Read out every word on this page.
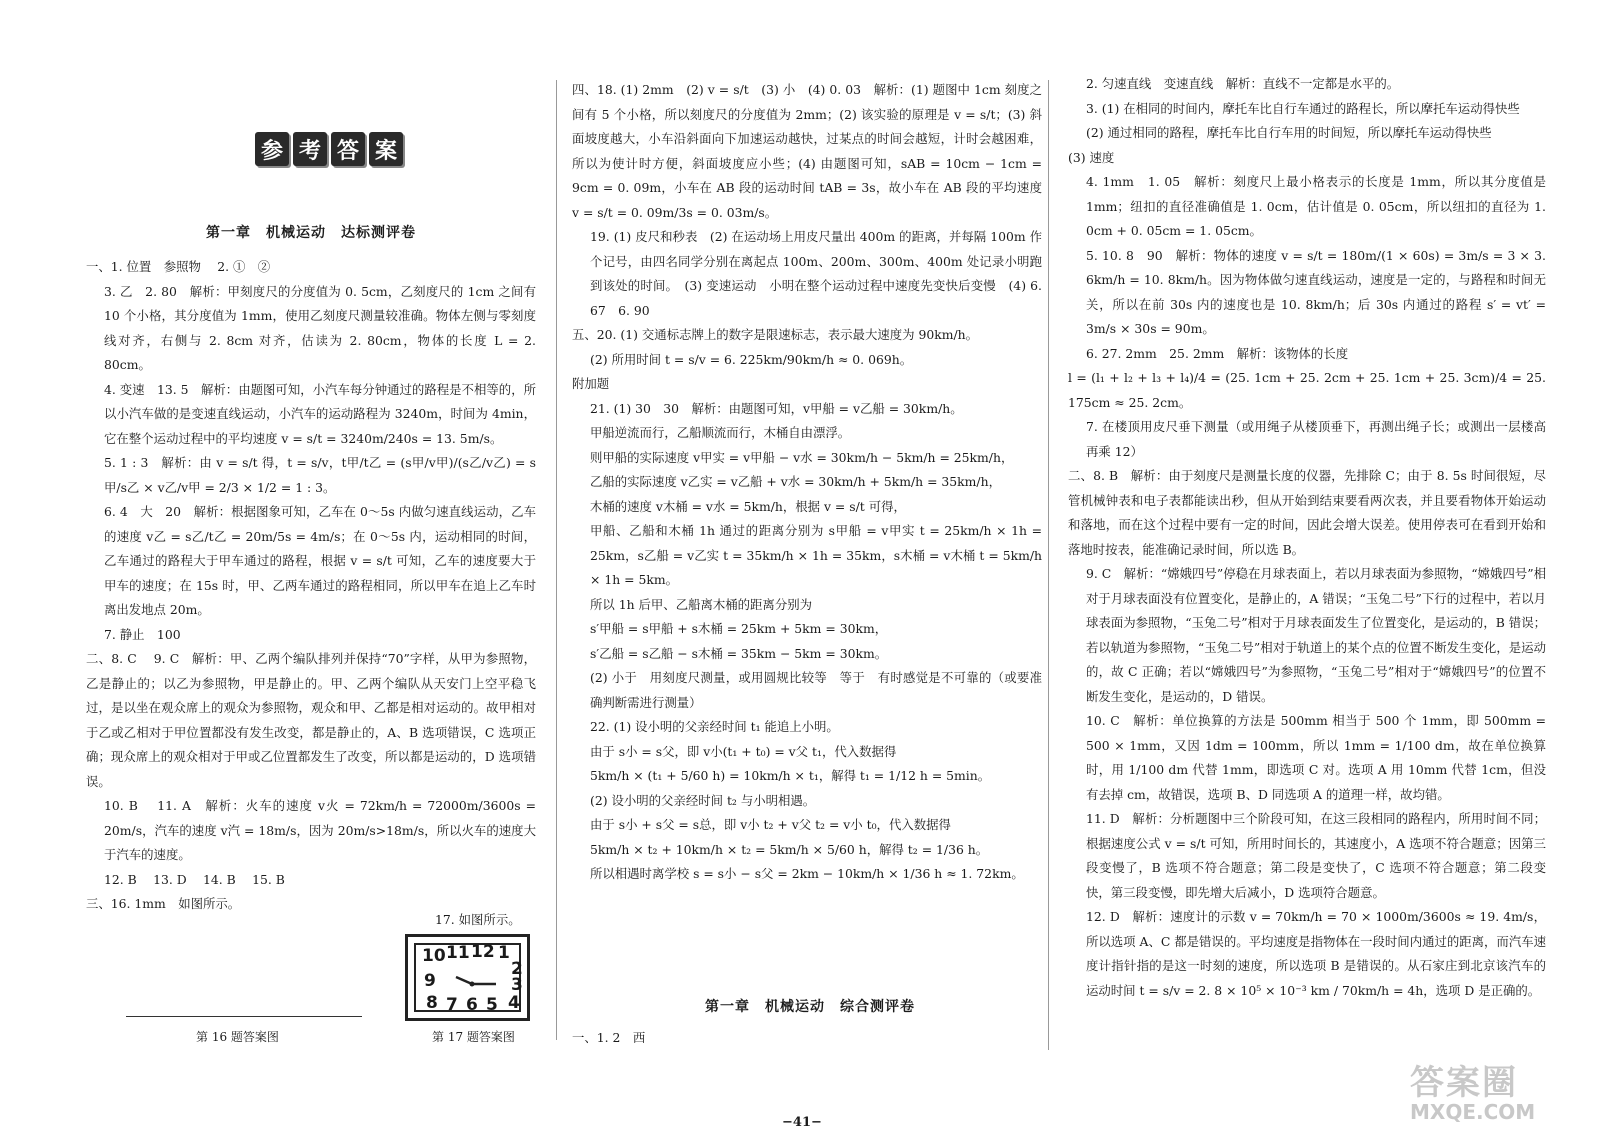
参 考 答 案
第一章　机械运动　达标测评卷

一、1. 位置　参照物　 2. ①　②

3. 乙　2. 80　解析：甲刻度尺的分度值为 0. 5cm，乙刻度尺的 1cm 之间有 10 个小格，其分度值为 1mm，使用乙刻度尺测量较准确。物体左侧与零刻度线对齐，右侧与 2. 8cm 对齐，估读为 2. 80cm，物体的长度 L = 2. 80cm。

4. 变速　13. 5　解析：由题图可知，小汽车每分钟通过的路程是不相等的，所以小汽车做的是变速直线运动，小汽车的运动路程为 3240m，时间为 4min，它在整个运动过程中的平均速度 v = s/t = 3240m/240s = 13. 5m/s。

5. 1 : 3　解析：由 v = s/t 得，t = s/v，t甲/t乙 = (s甲/v甲)/(s乙/v乙) = s甲/s乙 × v乙/v甲 = 2/3 × 1/2 = 1 : 3。

6. 4　大　20　解析：根据图象可知，乙车在 0～5s 内做匀速直线运动，乙车的速度 v乙 = s乙/t乙 = 20m/5s = 4m/s；在 0～5s 内，运动相同的时间，乙车通过的路程大于甲车通过的路程，根据 v = s/t 可知，乙车的速度要大于甲车的速度；在 15s 时，甲、乙两车通过的路程相同，所以甲车在追上乙车时离出发地点 20m。

7. 静止　100

二、8. C　 9. C　解析：甲、乙两个编队排列并保持“70”字样，从甲为参照物，乙是静止的；以乙为参照物，甲是静止的。甲、乙两个编队从天安门上空平稳飞过，是以坐在观众席上的观众为参照物，观众和甲、乙都是相对运动的。故甲相对于乙或乙相对于甲位置都没有发生改变，都是静止的，A、B 选项错误，C 选项正确；现众席上的观众相对于甲或乙位置都发生了改变，所以都是运动的，D 选项错误。

10. B　 11. A　解析：火车的速度 v火 = 72km/h = 72000m/3600s = 20m/s，汽车的速度 v汽 = 18m/s，因为 20m/s>18m/s，所以火车的速度大于汽车的速度。

12. B　 13. D　 14. B　 15. B

三、16. 1mm　如图所示。

17. 如图所示。
10 11 12 1
2
9	3
8 7 6 5 4
第 16 题答案图	第 17 题答案图

四、18. (1) 2mm　(2) v = s/t　(3) 小　(4) 0. 03　解析：(1) 题图中 1cm 刻度之间有 5 个小格，所以刻度尺的分度值为 2mm；(2) 该实验的原理是 v = s/t；(3) 斜面坡度越大，小车沿斜面向下加速运动越快，过某点的时间会越短，计时会越困难，所以为使计时方便，斜面坡度应小些；(4) 由题图可知，sAB = 10cm − 1cm = 9cm = 0. 09m，小车在 AB 段的运动时间 tAB = 3s，故小车在 AB 段的平均速度 v = s/t = 0. 09m/3s = 0. 03m/s。

19. (1) 皮尺和秒表　(2) 在运动场上用皮尺量出 400m 的距离，并每隔 100m 作个记号，由四名同学分别在离起点 100m、200m、300m、400m 处记录小明跑到该处的时间。　(3) 变速运动　小明在整个运动过程中速度先变快后变慢　(4) 6. 67　6. 90

五、20. (1) 交通标志牌上的数字是限速标志，表示最大速度为 90km/h。

(2) 所用时间 t = s/v = 6. 225km/90km/h ≈ 0. 069h。

附加题

21. (1) 30　30　解析：由题图可知，v甲船 = v乙船 = 30km/h。

甲船逆流而行，乙船顺流而行，木桶自由漂浮。

则甲船的实际速度 v甲实 = v甲船 − v水 = 30km/h − 5km/h = 25km/h，

乙船的实际速度 v乙实 = v乙船 + v水 = 30km/h + 5km/h = 35km/h，

木桶的速度 v木桶 = v水 = 5km/h，根据 v = s/t 可得，

甲船、乙船和木桶 1h 通过的距离分别为 s甲船 = v甲实 t = 25km/h × 1h = 25km，s乙船 = v乙实 t = 35km/h × 1h = 35km，s木桶 = v木桶 t = 5km/h × 1h = 5km。

所以 1h 后甲、乙船离木桶的距离分别为

s′甲船 = s甲船 + s木桶 = 25km + 5km = 30km，

s′乙船 = s乙船 − s木桶 = 35km − 5km = 30km。

(2) 小于　用刻度尺测量，或用圆规比较等　等于　有时感觉是不可靠的（或要准确判断需进行测量）

22. (1) 设小明的父亲经时间 t₁ 能追上小明。

由于 s小 = s父，即 v小(t₁ + t₀) = v父 t₁，代入数据得

5km/h × (t₁ + 5/60 h) = 10km/h × t₁，解得 t₁ = 1/12 h = 5min。

(2) 设小明的父亲经时间 t₂ 与小明相遇。

由于 s小 + s父 = s总，即 v小 t₂ + v父 t₂ = v小 t₀，代入数据得

5km/h × t₂ + 10km/h × t₂ = 5km/h × 5/60 h，解得 t₂ = 1/36 h。

所以相遇时离学校 s = s小 − s父 = 2km − 10km/h × 1/36 h ≈ 1. 72km。

第一章　机械运动　综合测评卷
一、1. 2　西

2. 匀速直线　变速直线　解析：直线不一定都是水平的。

3. (1) 在相同的时间内，摩托车比自行车通过的路程长，所以摩托车运动得快些

(2) 通过相同的路程，摩托车比自行车用的时间短，所以摩托车运动得快些

(3) 速度

4. 1mm　1. 05　解析：刻度尺上最小格表示的长度是 1mm，所以其分度值是 1mm；纽扣的直径准确值是 1. 0cm，估计值是 0. 05cm，所以纽扣的直径为 1. 0cm + 0. 05cm = 1. 05cm。

5. 10. 8　90　解析：物体的速度 v = s/t = 180m/(1 × 60s) = 3m/s = 3 × 3. 6km/h = 10. 8km/h。因为物体做匀速直线运动，速度是一定的，与路程和时间无关，所以在前 30s 内的速度也是 10. 8km/h；后 30s 内通过的路程 s′ = vt′ = 3m/s × 30s = 90m。

6. 27. 2mm　25. 2mm　解析：该物体的长度

l = (l₁ + l₂ + l₃ + l₄)/4 = (25. 1cm + 25. 2cm + 25. 1cm + 25. 3cm)/4 = 25. 175cm ≈ 25. 2cm。

7. 在楼顶用皮尺垂下测量（或用绳子从楼顶垂下，再测出绳子长；或测出一层楼高再乘 12）

二、8. B　解析：由于刻度尺是测量长度的仪器，先排除 C；由于 8. 5s 时间很短，尽管机械钟表和电子表都能读出秒，但从开始到结束要看两次表，并且要看物体开始运动和落地，而在这个过程中要有一定的时间，因此会增大误差。使用停表可在看到开始和落地时按表，能准确记录时间，所以选 B。

9. C　解析：“嫦娥四号”停稳在月球表面上，若以月球表面为参照物，“嫦娥四号”相对于月球表面没有位置变化，是静止的，A 错误；“玉兔二号”下行的过程中，若以月球表面为参照物，“玉兔二号”相对于月球表面发生了位置变化，是运动的，B 错误；若以轨道为参照物，“玉兔二号”相对于轨道上的某个点的位置不断发生变化，是运动的，故 C 正确；若以“嫦娥四号”为参照物，“玉兔二号”相对于“嫦娥四号”的位置不断发生变化，是运动的，D 错误。

10. C　解析：单位换算的方法是 500mm 相当于 500 个 1mm，即 500mm = 500 × 1mm，又因 1dm = 100mm，所以 1mm = 1/100 dm，故在单位换算时，用 1/100 dm 代替 1mm，即选项 C 对。选项 A 用 10mm 代替 1cm，但没有去掉 cm，故错误，选项 B、D 同选项 A 的道理一样，故均错。

11. D　解析：分析题图中三个阶段可知，在这三段相同的路程内，所用时间不同；根据速度公式 v = s/t 可知，所用时间长的，其速度小，A 选项不符合题意；因第三段变慢了，B 选项不符合题意；第二段是变快了，C 选项不符合题意；第二段变快，第三段变慢，即先增大后减小，D 选项符合题意。

12. D　解析：速度计的示数 v = 70km/h = 70 × 1000m/3600s ≈ 19. 4m/s，所以选项 A、C 都是错误的。平均速度是指物体在一段时间内通过的距离，而汽车速度计指针指的是这一时刻的速度，所以选项 B 是错误的。从石家庄到北京该汽车的运动时间 t = s/v = 2. 8 × 10⁵ × 10⁻³ km / 70km/h = 4h，选项 D 是正确的。

−41−
答案圈
MXQE.COM
